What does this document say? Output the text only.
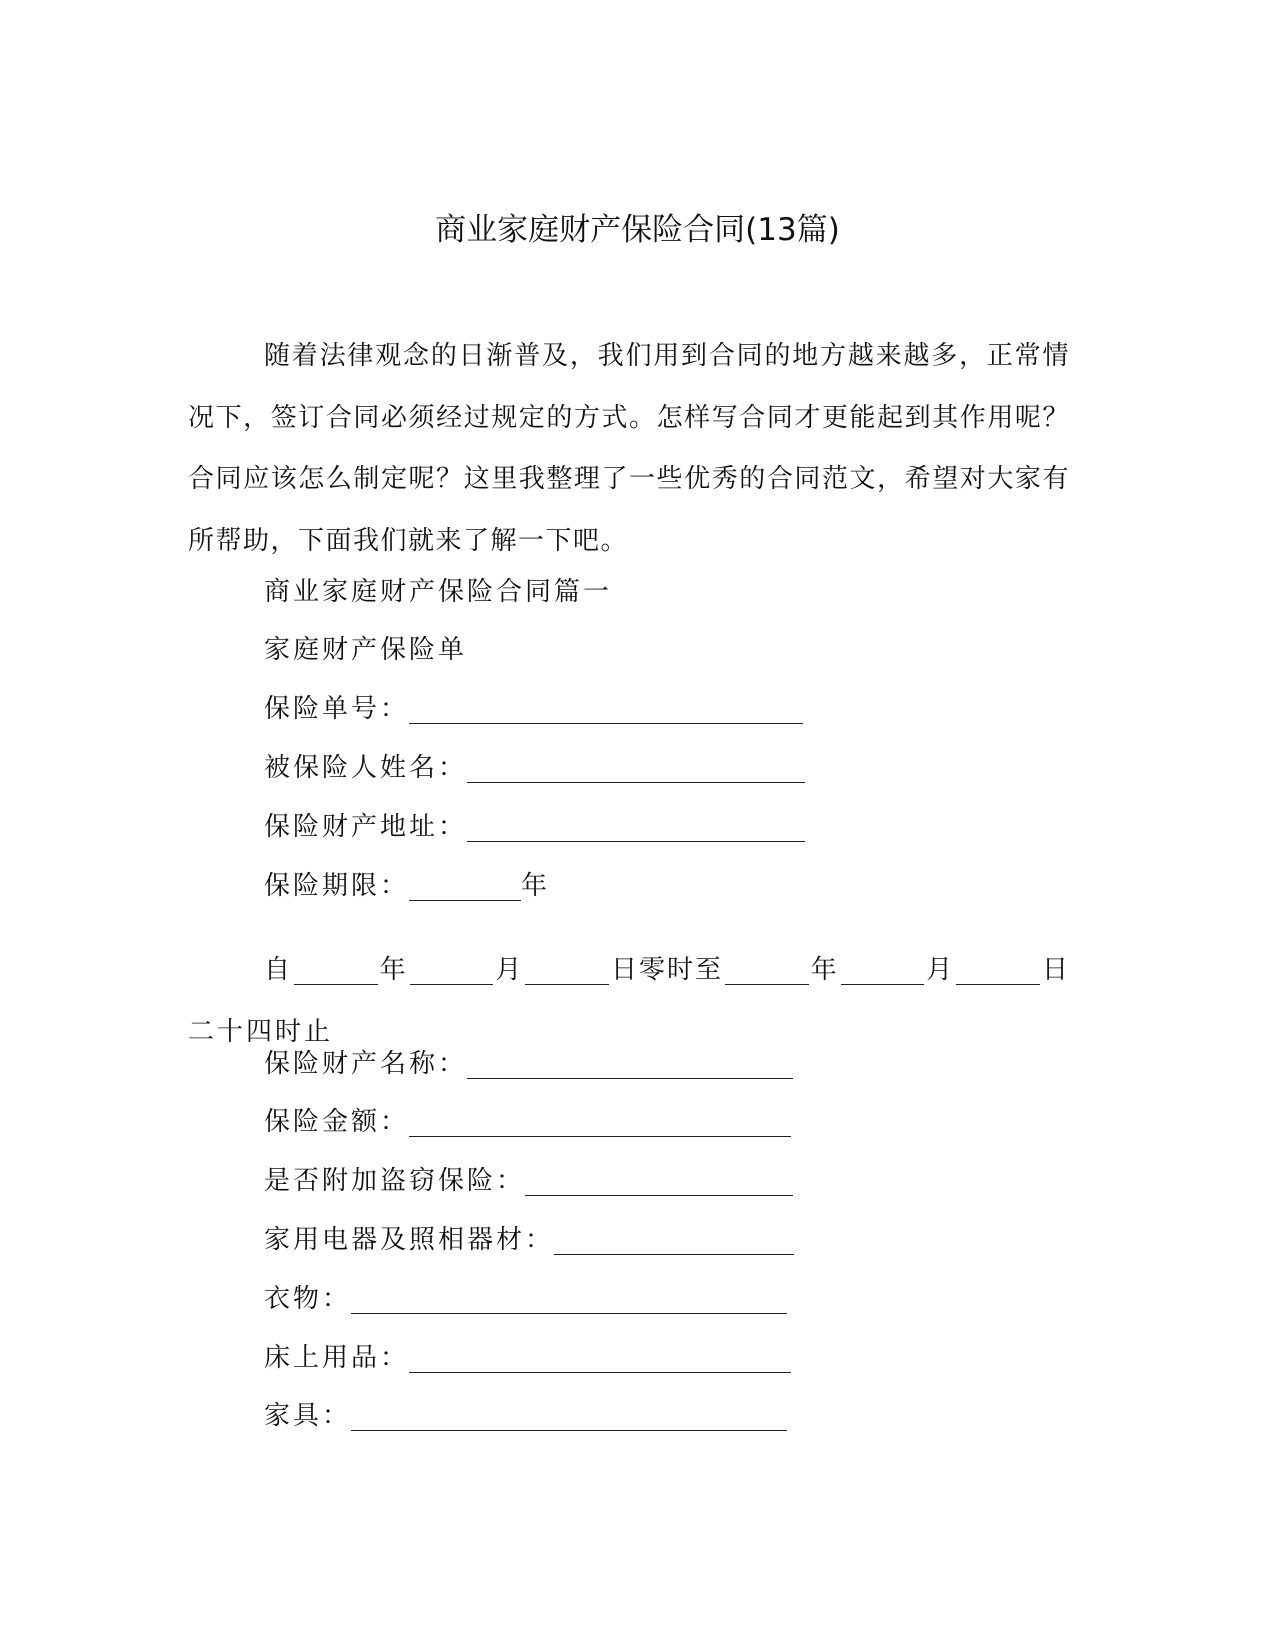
商业家庭财产保险合同(13篇)

随着法律观念的日渐普及，我们用到合同的地方越来越多，正常情况下，签订合同必须经过规定的方式。怎样写合同才更能起到其作用呢？合同应该怎么制定呢？这里我整理了一些优秀的合同范文，希望对大家有所帮助，下面我们就来了解一下吧。

商业家庭财产保险合同篇一
家庭财产保险单
保险单号：
被保险人姓名：
保险财产地址：
保险期限：	年
自	年	月	日零时至	年	月	日
二十四时止
保险财产名称：
保险金额：
是否附加盗窃保险：
家用电器及照相器材：
衣物：
床上用品：
家具：
